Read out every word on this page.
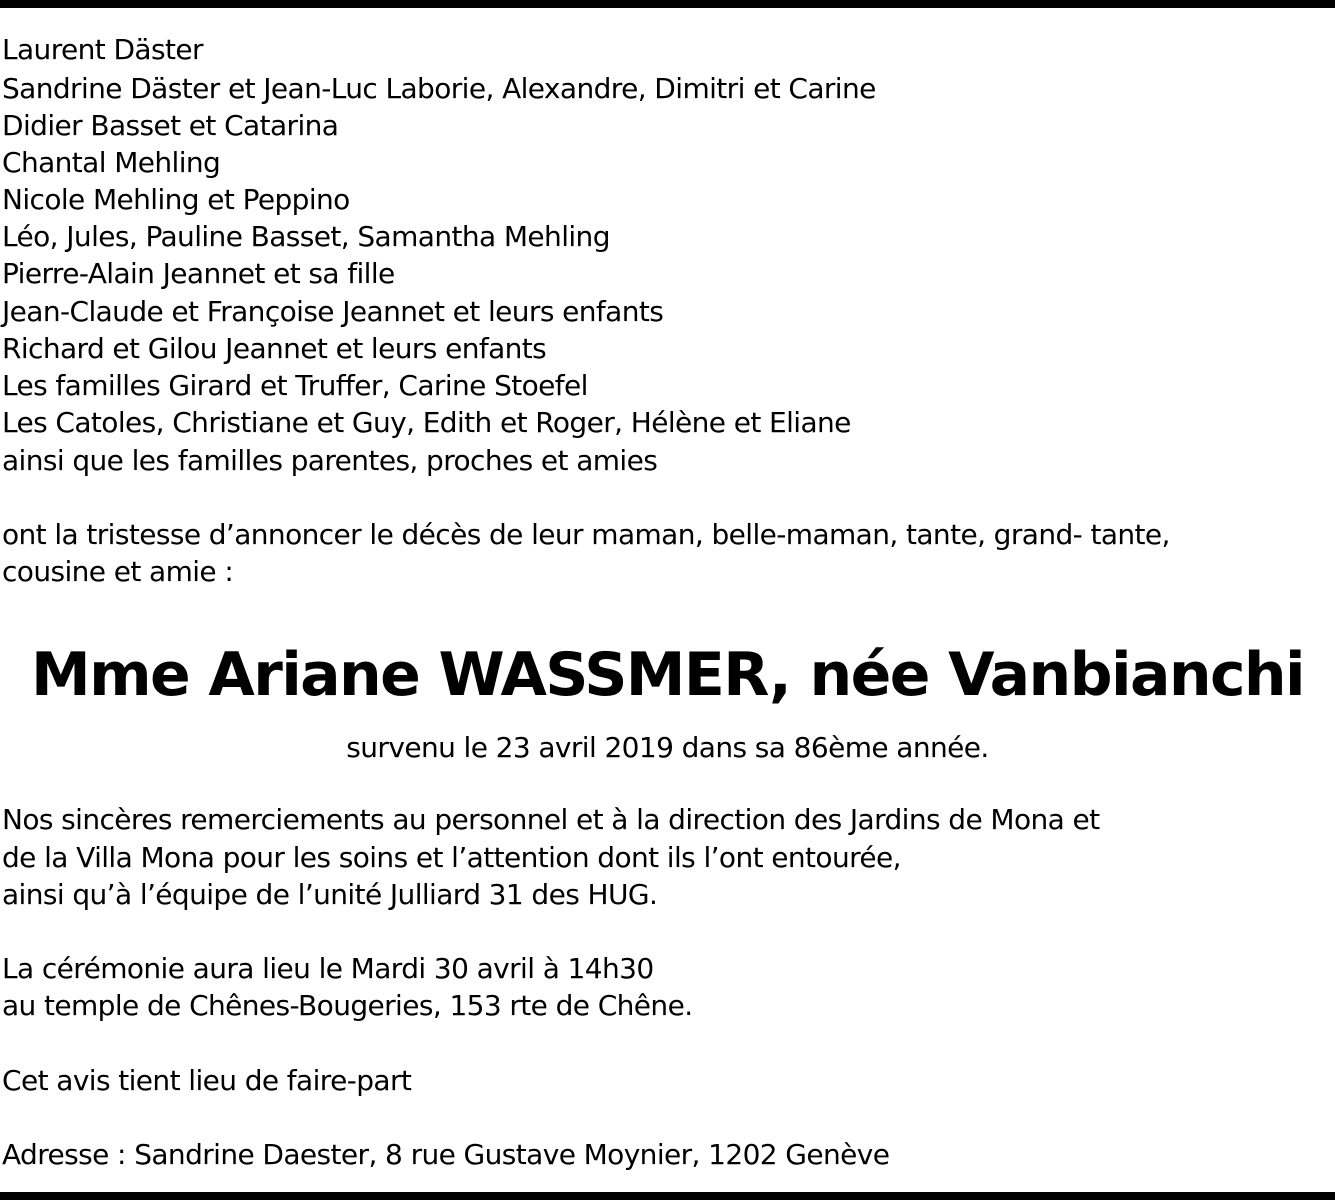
Laurent Däster
Sandrine Däster et Jean-Luc Laborie, Alexandre, Dimitri et Carine
Didier Basset et Catarina
Chantal Mehling
Nicole Mehling et Peppino
Léo, Jules, Pauline Basset, Samantha Mehling
Pierre-Alain Jeannet et sa fille
Jean-Claude et Françoise Jeannet et leurs enfants
Richard et Gilou Jeannet et leurs enfants
Les familles Girard et Truffer, Carine Stoefel
Les Catoles, Christiane et Guy, Edith et Roger, Hélène et Eliane
ainsi que les familles parentes, proches et amies
ont la tristesse d’annoncer le décès de leur maman, belle-maman, tante, grand- tante,
cousine et amie :
Mme Ariane WASSMER, née Vanbianchi
survenu le 23 avril 2019 dans sa 86ème année.
Nos sincères remerciements au personnel et à la direction des Jardins de Mona et
de la Villa Mona pour les soins et l’attention dont ils l’ont entourée,
ainsi qu’à l’équipe de l’unité Julliard 31 des HUG.
La cérémonie aura lieu le Mardi 30 avril à 14h30
au temple de Chênes-Bougeries, 153 rte de Chêne.
Cet avis tient lieu de faire-part
Adresse : Sandrine Daester, 8 rue Gustave Moynier, 1202 Genève
